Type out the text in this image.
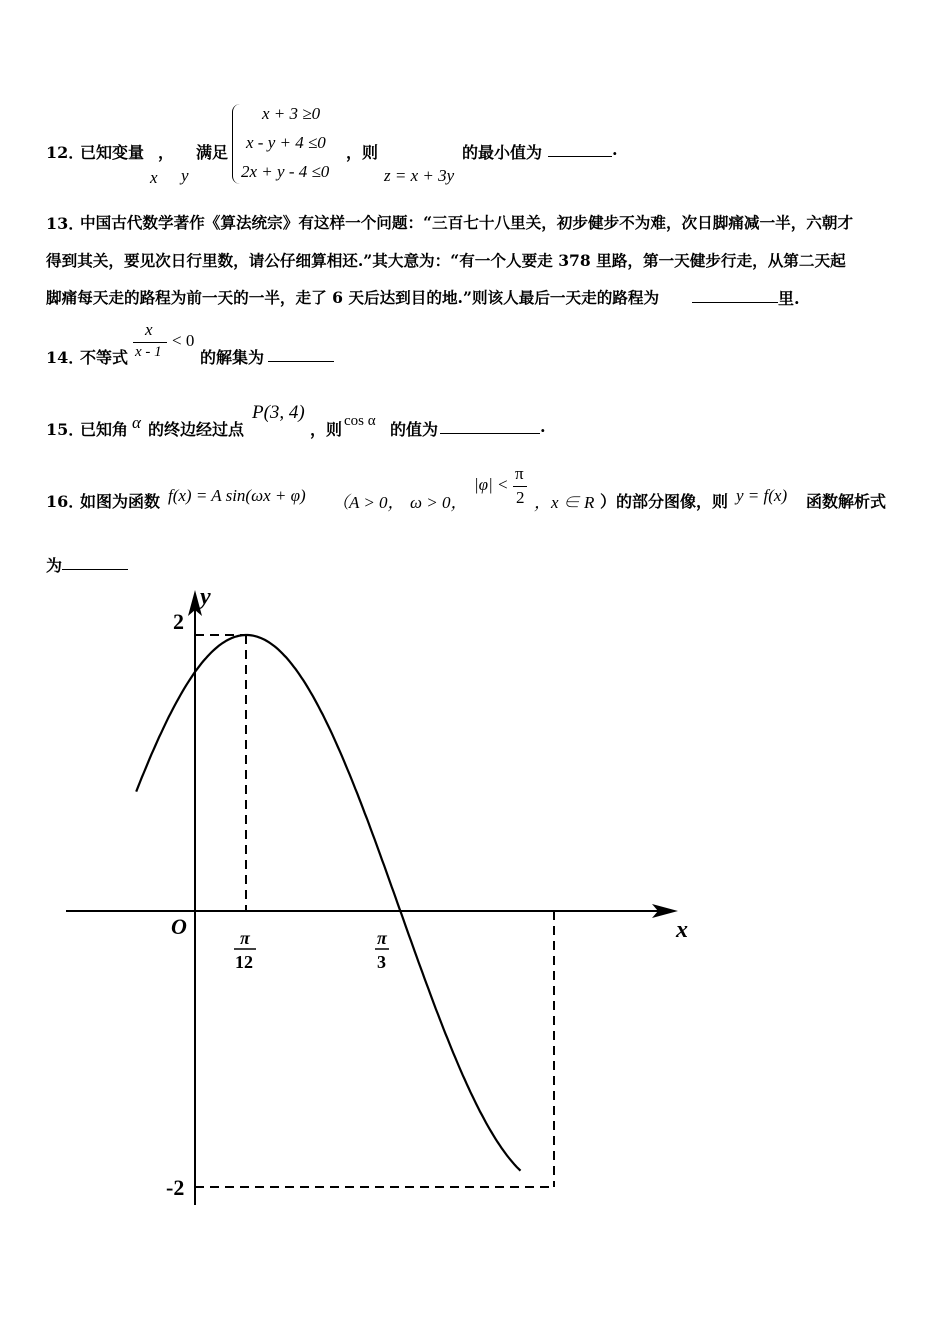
12．
已知变量 ，
x y
满足
x + 3 ≥0
x - y + 4 ≤0
2x + y - 4 ≤0
，则
z = x + 3y
的最小值为	.
13．
中国古代数学著作《算法统宗》有这样一个问题：“三百七十八里关，初步健步不为难，次日脚痛减一半，六朝才
得到其关，要见次日行里数，请公仔细算相还.”其大意为：“有一个人要走 378 里路，第一天健步行走，从第二天起
脚痛每天走的路程为前一天的一半，走了 6 天后达到目的地.”则该人最后一天走的路程为	里.
14．
不等式
x
x - 1
< 0
的解集为
15．
已知角 α 的终边经过点
P(3, 4)
，则 cos α 的值为	.
16．
如图为函数 f(x) = A sin(ωx + φ) （A > 0， ω > 0，
|φ| <
π
2 ，x ∈ R ）的部分图像，则 y = f(x) 函数解析式
为
y
x
O
2
-2
π
12
π
3
